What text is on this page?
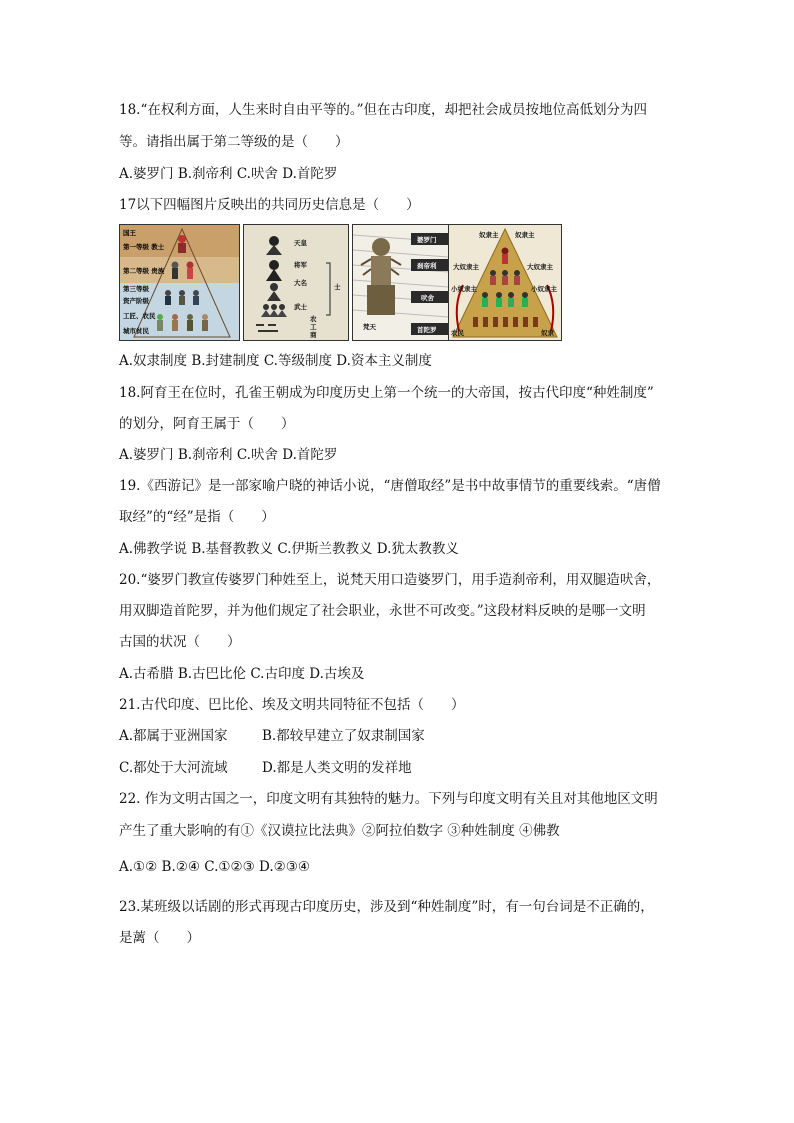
18.“在权利方面，人生来时自由平等的。”但在古印度，却把社会成员按地位高低划分为四
等。请指出属于第二等级的是（　　）
A.婆罗门 B.刹帝利 C.吠舍 D.首陀罗
17以下四幅图片反映出的共同历史信息是（　　）
国王
第一等级 教士
第二等级 贵族
第三等级
资产阶级
工匠、农民
城市贫民
天皇
将军
大名
武士
士
农
工
商
婆罗门
刹帝利
吠舍
首陀罗
梵天
奴隶主	奴隶主
大奴隶主	大奴隶主
小奴隶主	小奴隶主
农民	奴隶
A.奴隶制度 B.封建制度 C.等级制度 D.资本主义制度
18.阿育王在位时，孔雀王朝成为印度历史上第一个统一的大帝国，按古代印度“种姓制度”
的划分，阿育王属于（　　）
A.婆罗门 B.刹帝利 C.吠舍 D.首陀罗
19.《西游记》是一部家喻户晓的神话小说，“唐僧取经”是书中故事情节的重要线索。“唐僧
取经”的“经”是指（　　）
A.佛教学说 B.基督教教义 C.伊斯兰教教义 D.犹太教教义
20.“婆罗门教宣传婆罗门种姓至上，说梵天用口造婆罗门，用手造刹帝利，用双腿造吠舍，
用双脚造首陀罗，并为他们规定了社会职业，永世不可改变。”这段材料反映的是哪一文明
古国的状况（　　）
A.古希腊 B.古巴比伦 C.古印度 D.古埃及
21.古代印度、巴比伦、埃及文明共同特征不包括（　　）
A.都属于亚洲国家	B.都较早建立了奴隶制国家
C.都处于大河流域	D.都是人类文明的发祥地
22. 作为文明古国之一，印度文明有其独特的魅力。下列与印度文明有关且对其他地区文明
产生了重大影响的有①《汉谟拉比法典》②阿拉伯数字 ③种姓制度 ④佛教
A.①② B.②④ C.①②③ D.②③④
23.某班级以话剧的形式再现古印度历史，涉及到“种姓制度”时，有一句台词是不正确的，
是蓠（　　）
